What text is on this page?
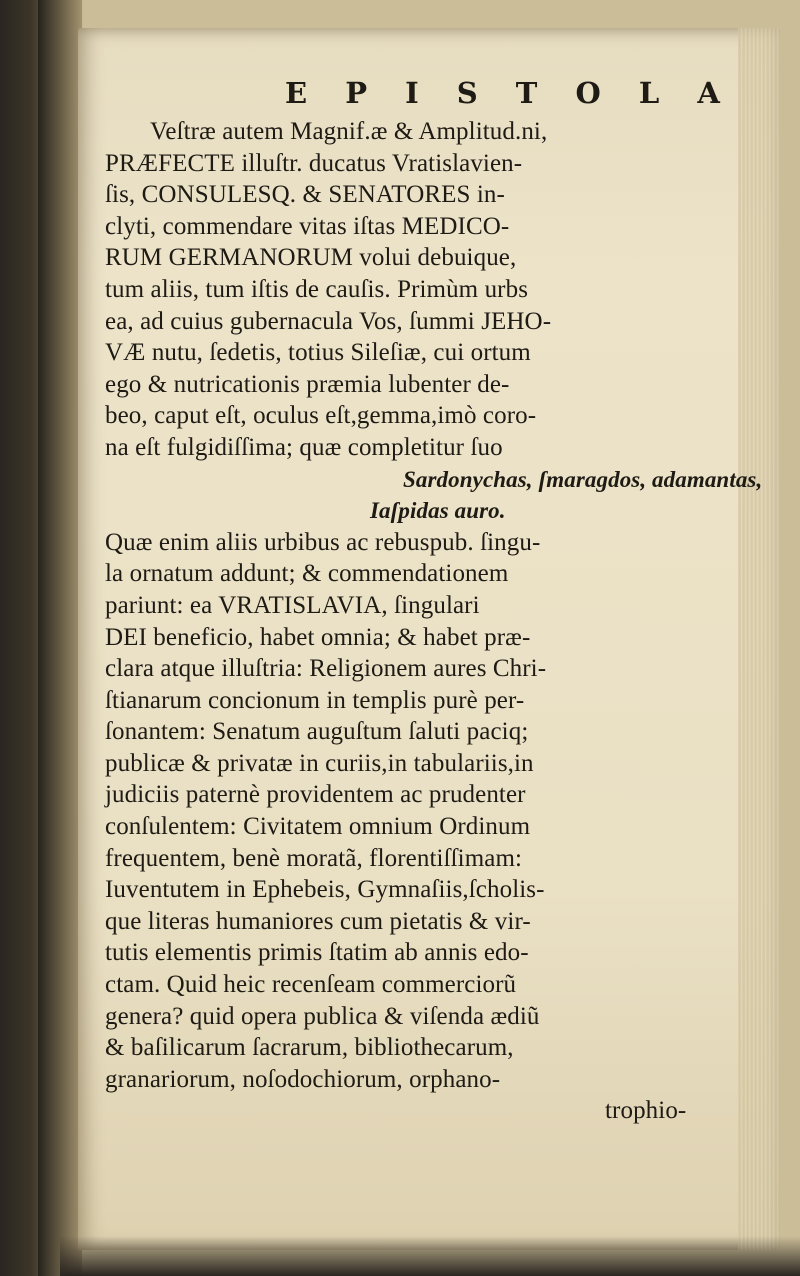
E P I S T O L A

Veſtræ autem Magnif.æ & Amplitud.ni,

PRÆFECTE illuſtr. ducatus Vratislavien-

ſis, CONSULESQ. & SENATORES in-

clyti, commendare vitas iſtas MEDICO-

RUM GERMANORUM volui debuique,

tum aliis, tum iſtis de cauſis. Primùm urbs

ea, ad cuius gubernacula Vos, ſummi JEHO-

VÆ nutu, ſedetis, totius Sileſiæ, cui ortum

ego & nutricationis præmia lubenter de-

beo, caput eſt, oculus eſt,gemma,imò coro-

na eſt fulgidiſſima; quæ completitur ſuo

Sardonychas, ſmaragdos, adamantas,

Iaſpidas auro.

Quæ enim aliis urbibus ac rebuspub. ſingu-

la ornatum addunt; & commendationem

pariunt: ea VRATISLAVIA, ſingulari

DEI beneficio, habet omnia; & habet præ-

clara atque illuſtria: Religionem aures Chri-

ſtianarum concionum in templis purè per-

ſonantem: Senatum auguſtum ſaluti paciq;

publicæ & privatæ in curiis,in tabulariis,in

judiciis paternè providentem ac prudenter

conſulentem: Civitatem omnium Ordinum

frequentem, benè moratã, florentiſſimam:

Iuventutem in Ephebeis, Gymnaſiis,ſcholis-

que literas humaniores cum pietatis & vir-

tutis elementis primis ſtatim ab annis edo-

ctam. Quid heic recenſeam commerciorũ

genera? quid opera publica & viſenda ædiũ

& baſilicarum ſacrarum, bibliothecarum,

granariorum, noſodochiorum, orphano-

trophio-
